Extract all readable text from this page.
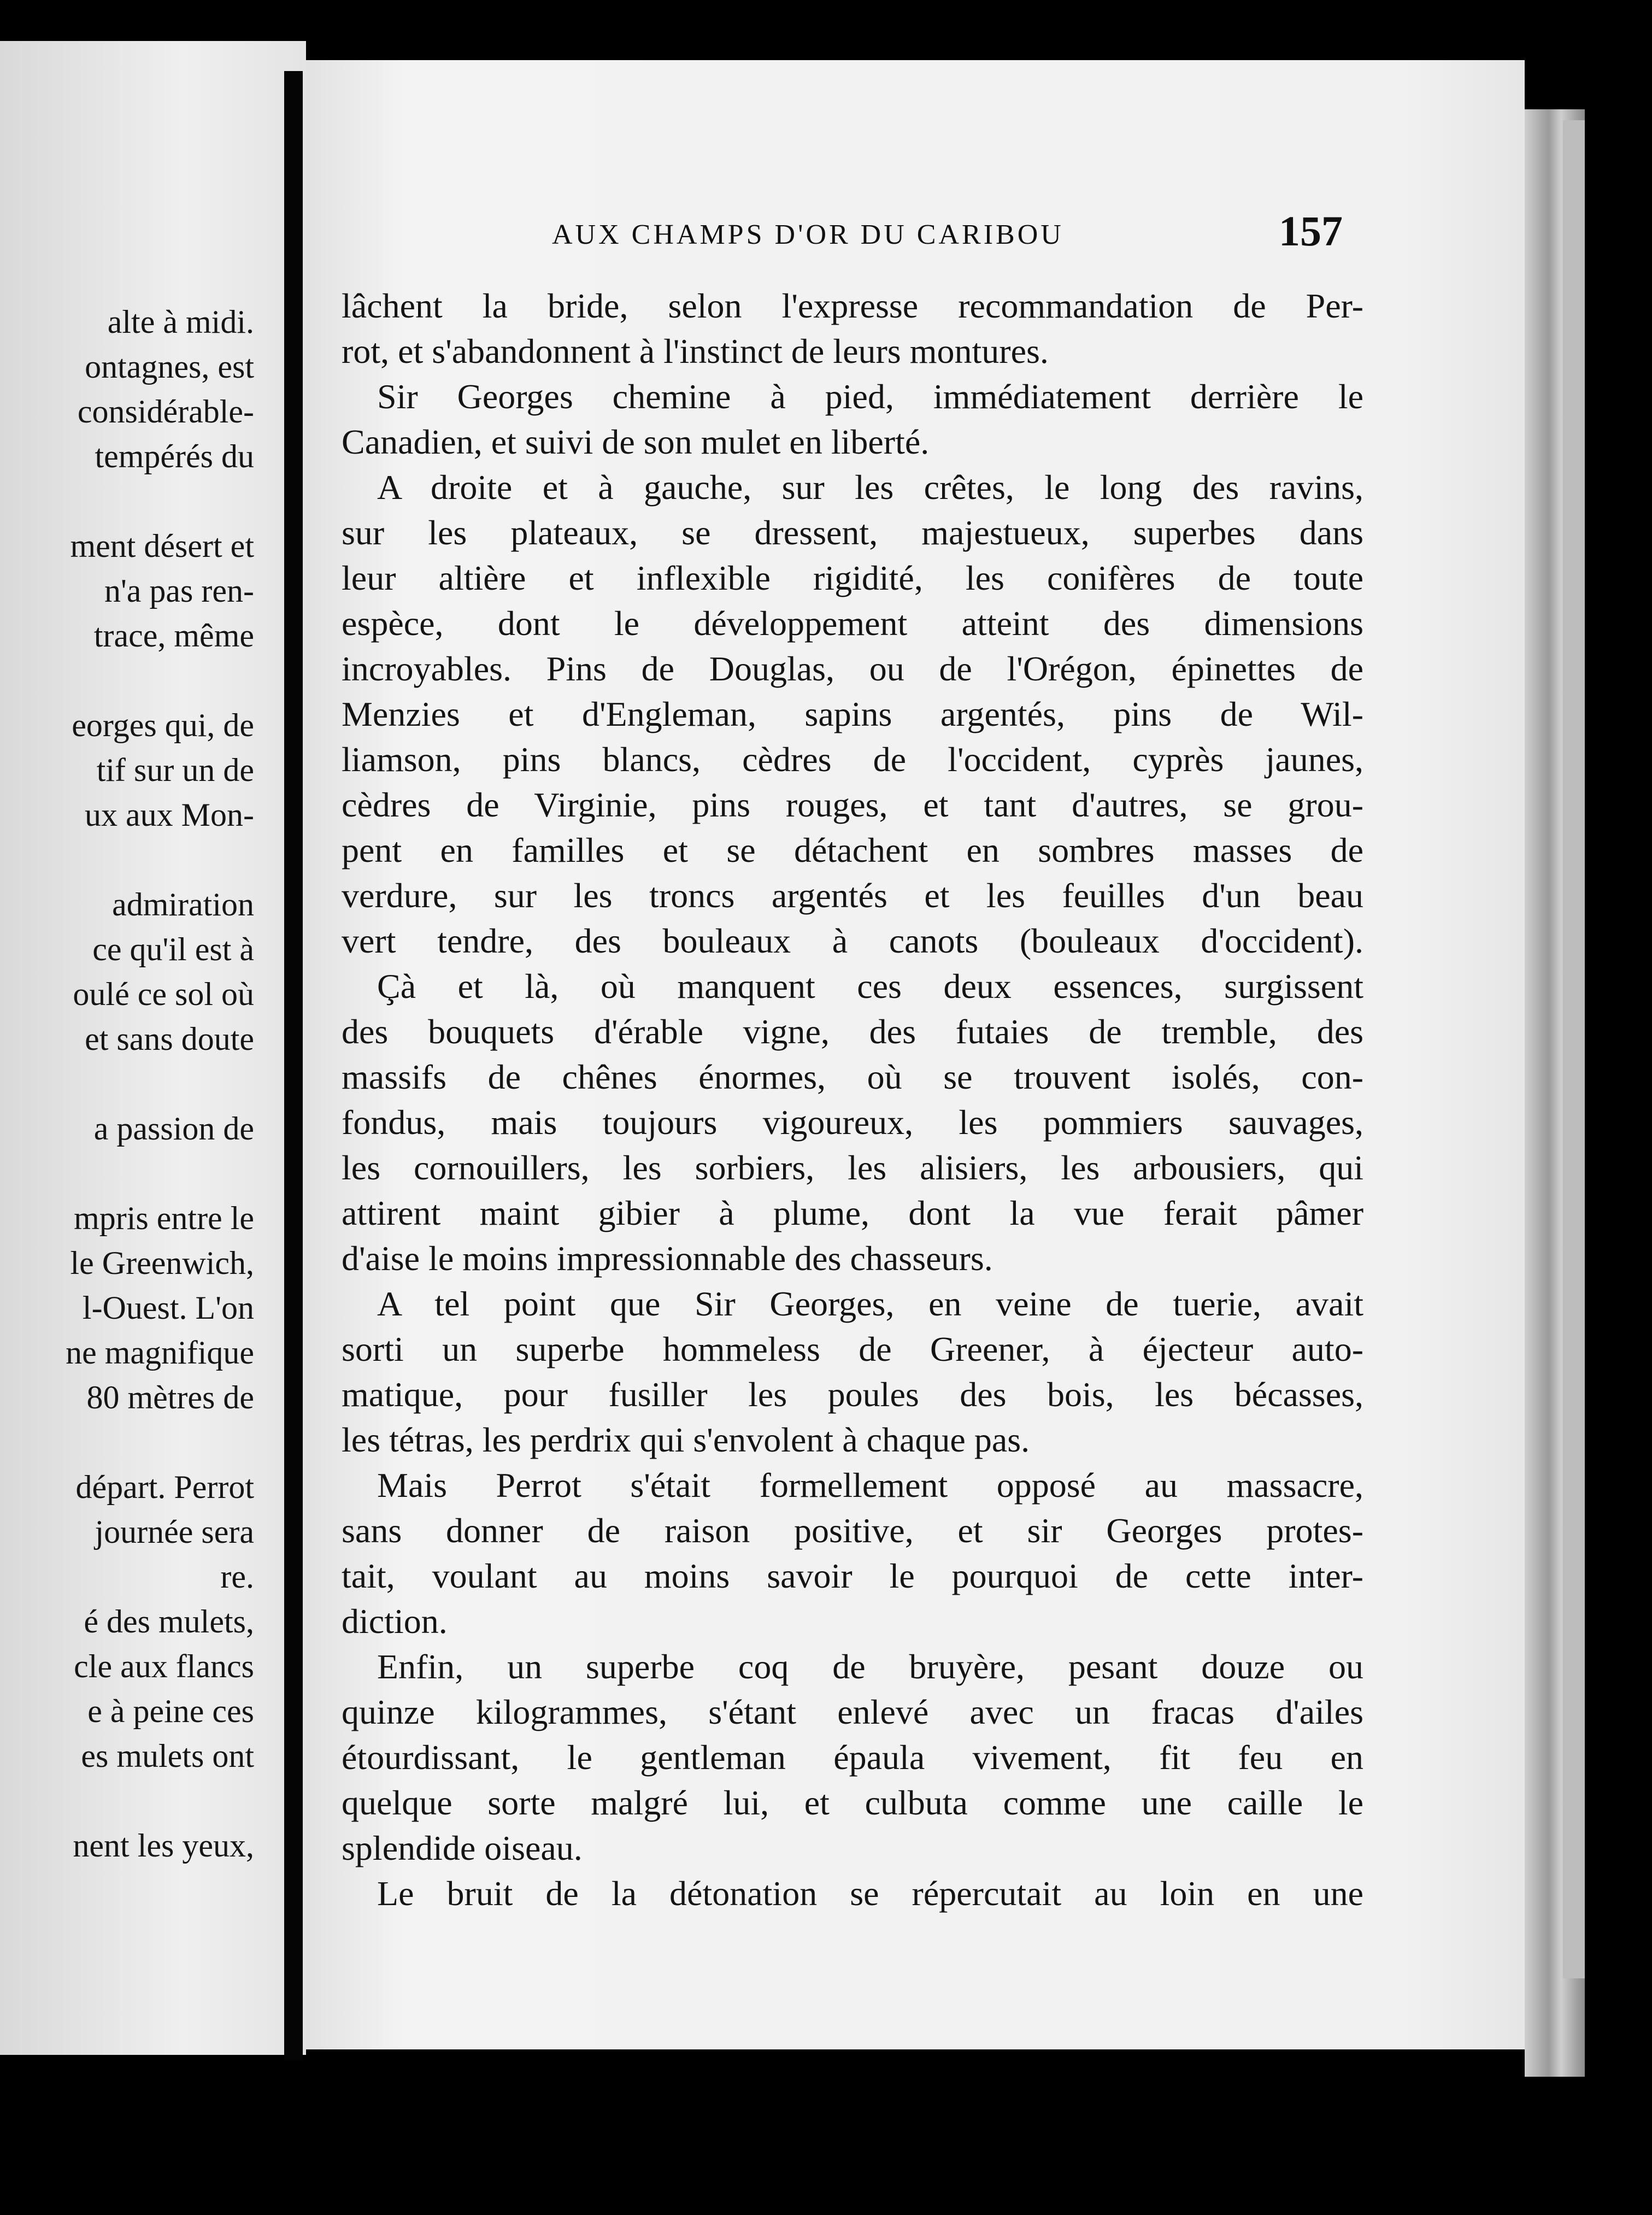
alte à midi.
ontagnes, est
considérable-
tempérés du
ment désert et
n'a pas ren-
trace, même
eorges qui, de
tif sur un de
ux aux Mon-
admiration
ce qu'il est à
oulé ce sol où
et sans doute
a passion de
mpris entre le
le Greenwich,
l-Ouest. L'on
ne magnifique
80 mètres de
départ. Perrot
journée sera
re.
é des mulets,
cle aux flancs
e à peine ces
es mulets ont
nent les yeux,
AUX CHAMPS D'OR DU CARIBOU	157
lâchent la bride, selon l'expresse recommandation de Per-
rot, et s'abandonnent à l'instinct de leurs montures.
Sir Georges chemine à pied, immédiatement derrière le
Canadien, et suivi de son mulet en liberté.
A droite et à gauche, sur les crêtes, le long des ravins,
sur les plateaux, se dressent, majestueux, superbes dans
leur altière et inflexible rigidité, les conifères de toute
espèce, dont le développement atteint des dimensions
incroyables. Pins de Douglas, ou de l'Orégon, épinettes de
Menzies et d'Engleman, sapins argentés, pins de Wil-
liamson, pins blancs, cèdres de l'occident, cyprès jaunes,
cèdres de Virginie, pins rouges, et tant d'autres, se grou-
pent en familles et se détachent en sombres masses de
verdure, sur les troncs argentés et les feuilles d'un beau
vert tendre, des bouleaux à canots (bouleaux d'occident).
Çà et là, où manquent ces deux essences, surgissent
des bouquets d'érable vigne, des futaies de tremble, des
massifs de chênes énormes, où se trouvent isolés, con-
fondus, mais toujours vigoureux, les pommiers sauvages,
les cornouillers, les sorbiers, les alisiers, les arbousiers, qui
attirent maint gibier à plume, dont la vue ferait pâmer
d'aise le moins impressionnable des chasseurs.
A tel point que Sir Georges, en veine de tuerie, avait
sorti un superbe hommeless de Greener, à éjecteur auto-
matique, pour fusiller les poules des bois, les bécasses,
les tétras, les perdrix qui s'envolent à chaque pas.
Mais Perrot s'était formellement opposé au massacre,
sans donner de raison positive, et sir Georges protes-
tait, voulant au moins savoir le pourquoi de cette inter-
diction.
Enfin, un superbe coq de bruyère, pesant douze ou
quinze kilogrammes, s'étant enlevé avec un fracas d'ailes
étourdissant, le gentleman épaula vivement, fit feu en
quelque sorte malgré lui, et culbuta comme une caille le
splendide oiseau.
Le bruit de la détonation se répercutait au loin en une
